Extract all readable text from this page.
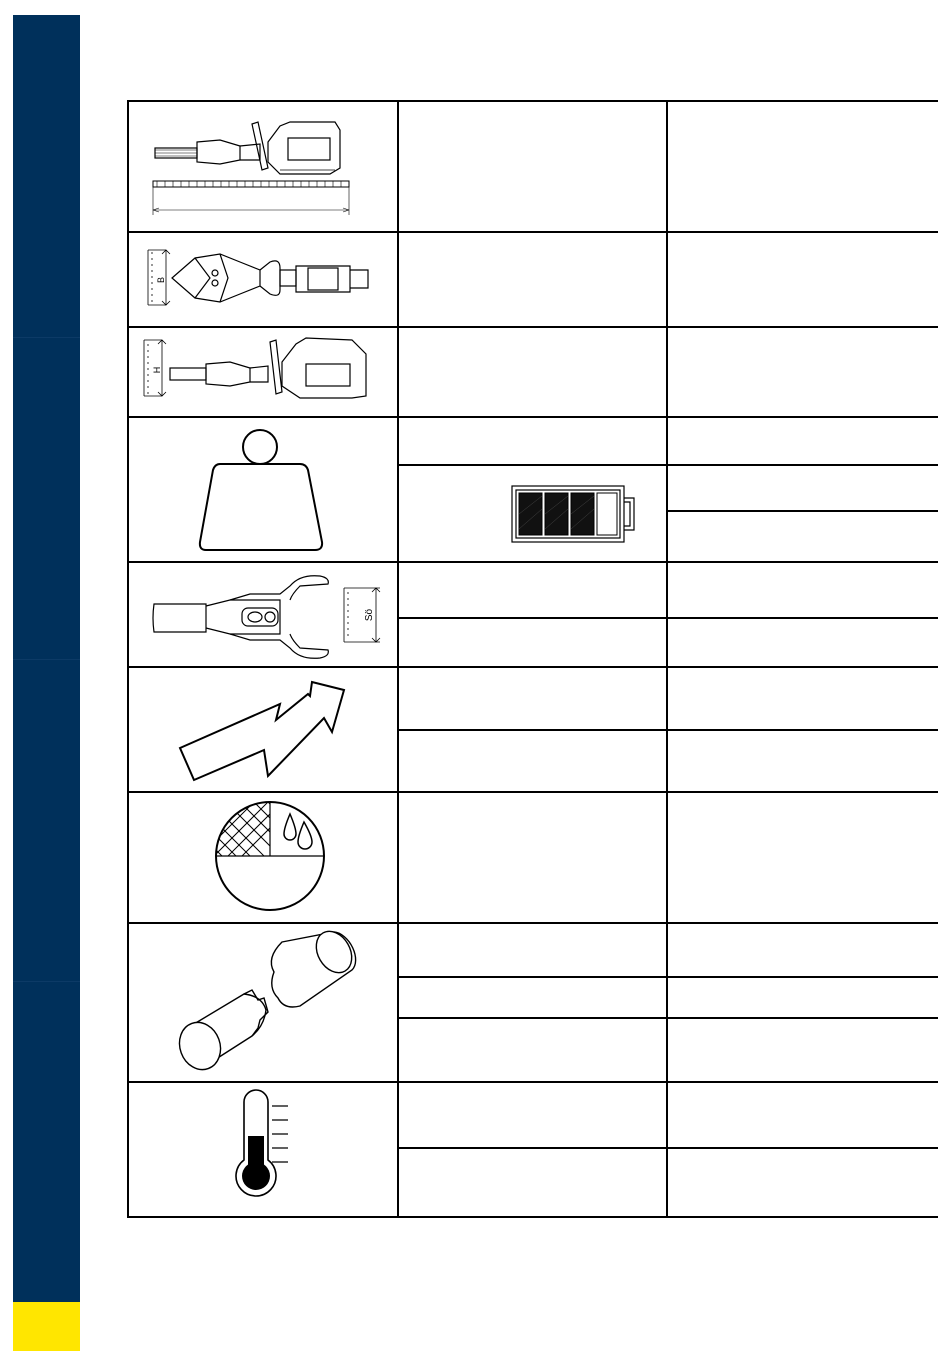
B
H
Sö
